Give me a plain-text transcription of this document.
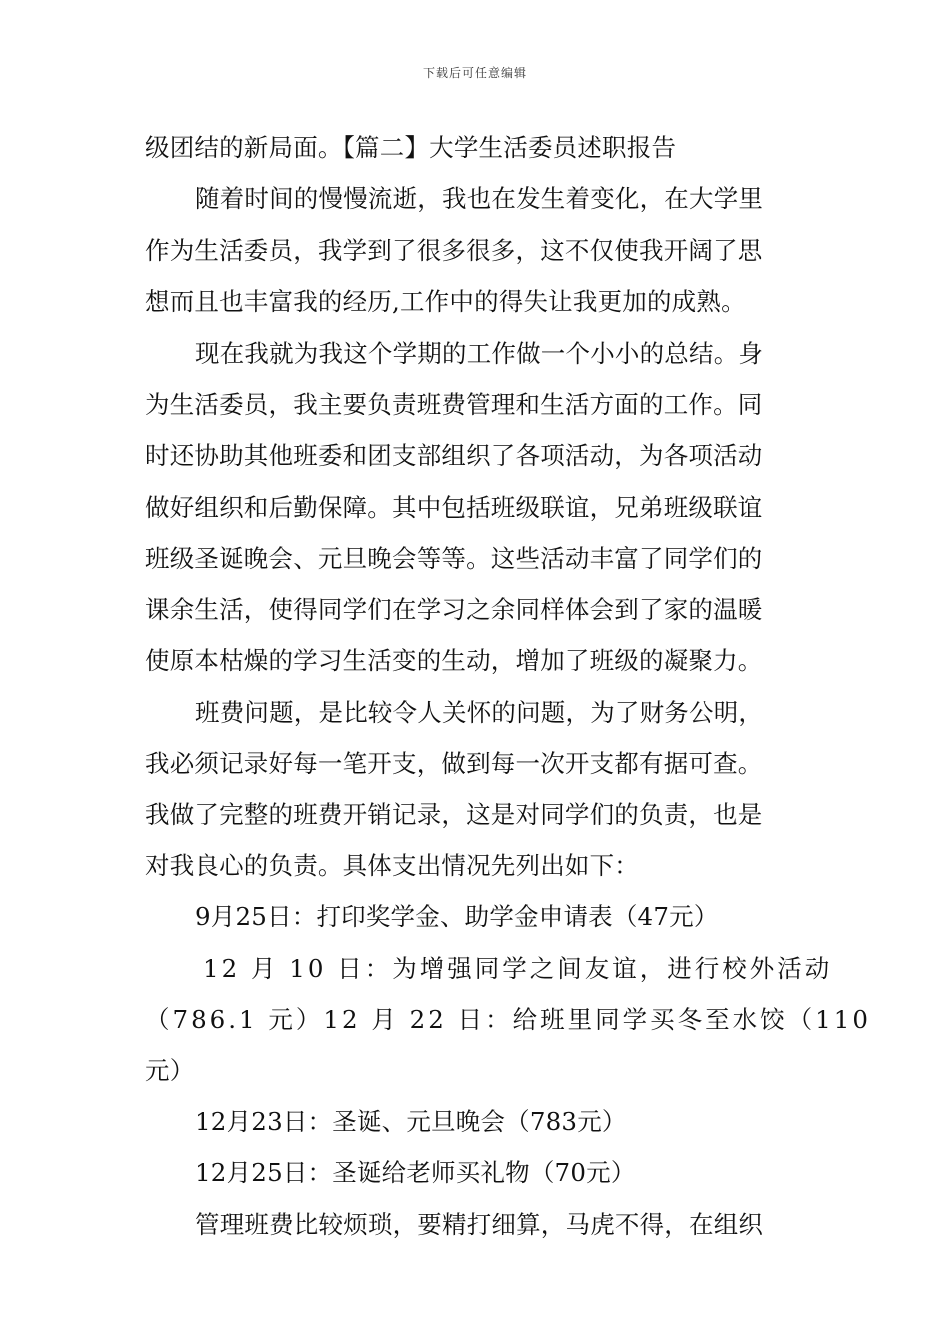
下载后可任意编辑
级团结的新局面。【篇二】大学生活委员述职报告
随着时间的慢慢流逝，我也在发生着变化，在大学里
作为生活委员，我学到了很多很多，这不仅使我开阔了思
想而且也丰富我的经历,工作中的得失让我更加的成熟。
现在我就为我这个学期的工作做一个小小的总结。身
为生活委员，我主要负责班费管理和生活方面的工作。同
时还协助其他班委和团支部组织了各项活动，为各项活动
做好组织和后勤保障。其中包括班级联谊，兄弟班级联谊
班级圣诞晚会、元旦晚会等等。这些活动丰富了同学们的
课余生活，使得同学们在学习之余同样体会到了家的温暖
使原本枯燥的学习生活变的生动，增加了班级的凝聚力。
班费问题，是比较令人关怀的问题，为了财务公明，
我必须记录好每一笔开支，做到每一次开支都有据可查。
我做了完整的班费开销记录，这是对同学们的负责，也是
对我良心的负责。具体支出情况先列出如下：
9月25日：打印奖学金、助学金申请表（47元）
12 月 10 日：为增强同学之间友谊，进行校外活动
（786.1 元）12 月 22 日：给班里同学买冬至水饺（110
元）
12月23日：圣诞、元旦晚会（783元）
12月25日：圣诞给老师买礼物（70元）
管理班费比较烦琐，要精打细算，马虎不得，在组织
